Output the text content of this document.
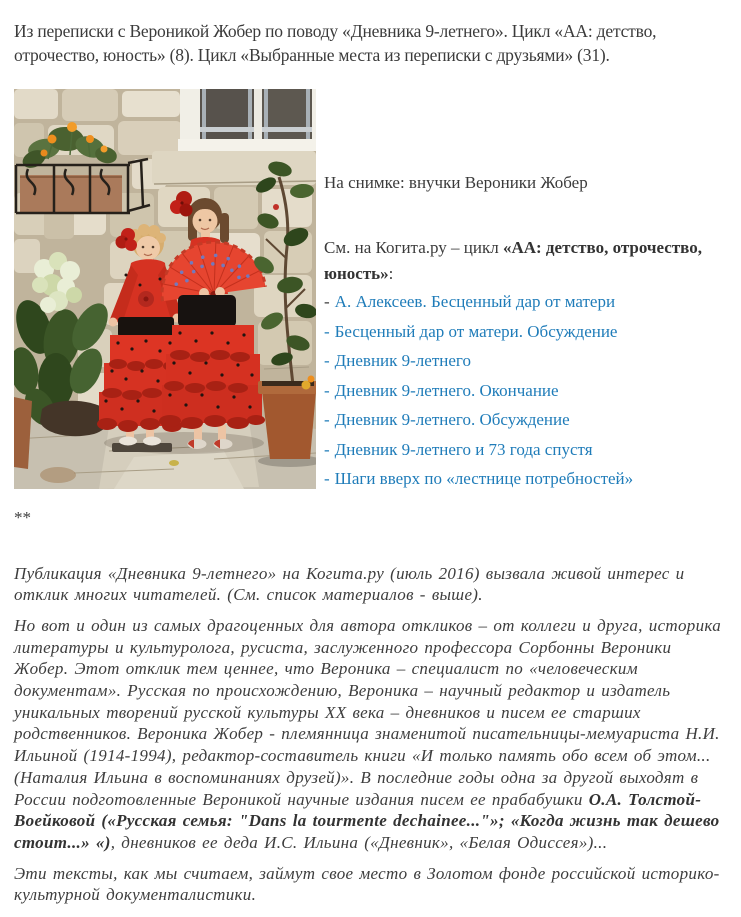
Из переписки с Вероникой Жобер по поводу «Дневника 9-летнего». Цикл «АА: детство, отрочество, юность» (8). Цикл «Выбранные места из переписки с друзьями» (31).

На снимке: внучки Вероники Жобер

См. на Когита.ру – цикл «АА: детство, отрочество, юность»:

- А. Алексеев. Бесценный дар от матери

- Бесценный дар от матери. Обсуждение

- Дневник 9-летнего

- Дневник 9-летнего. Окончание

- Дневник 9-летнего. Обсуждение

- Дневник 9-летнего и 73 года спустя

- Шаги вверх по «лестнице потребностей»

**

Публикация «Дневника 9-летнего» на Когита.ру (июль 2016) вызвала живой интерес и отклик многих читателей. (См. список материалов - выше).

Но вот и один из самых драгоценных для автора откликов – от коллеги и друга, историка литературы и культуролога, русиста, заслуженного профессора Сорбонны Вероники Жобер. Этот отклик тем ценнее, что Вероника – специалист по «человеческим документам». Русская по происхождению, Вероника – научный редактор и издатель уникальных творений русской культуры XX века – дневников и писем ее старших родственников. Вероника Жобер - племянница знаменитой писательницы-мемуариста Н.И. Ильиной (1914-1994), редактор-составитель книги «И только память обо всем об этом... (Наталия Ильина в воспоминаниях друзей)». В последние годы одна за другой выходят в России подготовленные Вероникой научные издания писем ее прабабушки О.А. Толстой-Воейковой («Русская семья: "Dans la tourmente dechainee..."»; «Когда жизнь так дешево стоит...» «), дневников ее деда И.С. Ильина («Дневник», «Белая Одиссея»)...

Эти тексты, как мы считаем, займут свое место в Золотом фонде российской историко-культурной документалистики.
